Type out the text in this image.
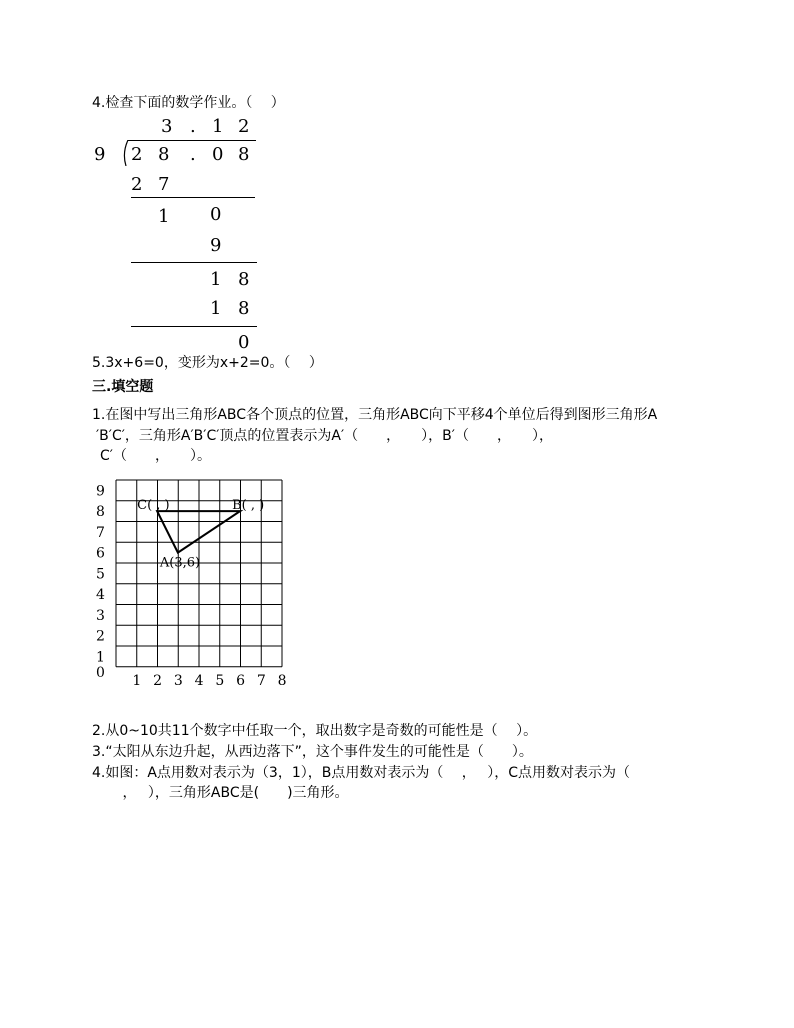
4.检查下面的数学作业。（　 ）
3 . 1 2
9 2 8 . 0 8
2 7
1 0
9
1 8
1 8
0
5.3x+6=0，变形为x+2=0。（　 ）
三.填空题
1.在图中写出三角形ABC各个顶点的位置，三角形ABC向下平移4个单位后得到图形三角形A
′B′C′，三角形A′B′C′顶点的位置表示为A′（　　，　　），B′（　　，　　），
C′（　　，　　）。
0
1
2
3
4
5
6
7
8
9
1 2 3 4 5 6 7 8
A(3,6)
B( , )
C( , )
2.从0~10共11个数字中任取一个，取出数字是奇数的可能性是（　 ）。
3.“太阳从东边升起，从西边落下”，这个事件发生的可能性是（　　）。
4.如图：A点用数对表示为（3，1），B点用数对表示为（　 ，　 ），C点用数对表示为（
　 ，　 ），三角形ABC是(　　)三角形。
